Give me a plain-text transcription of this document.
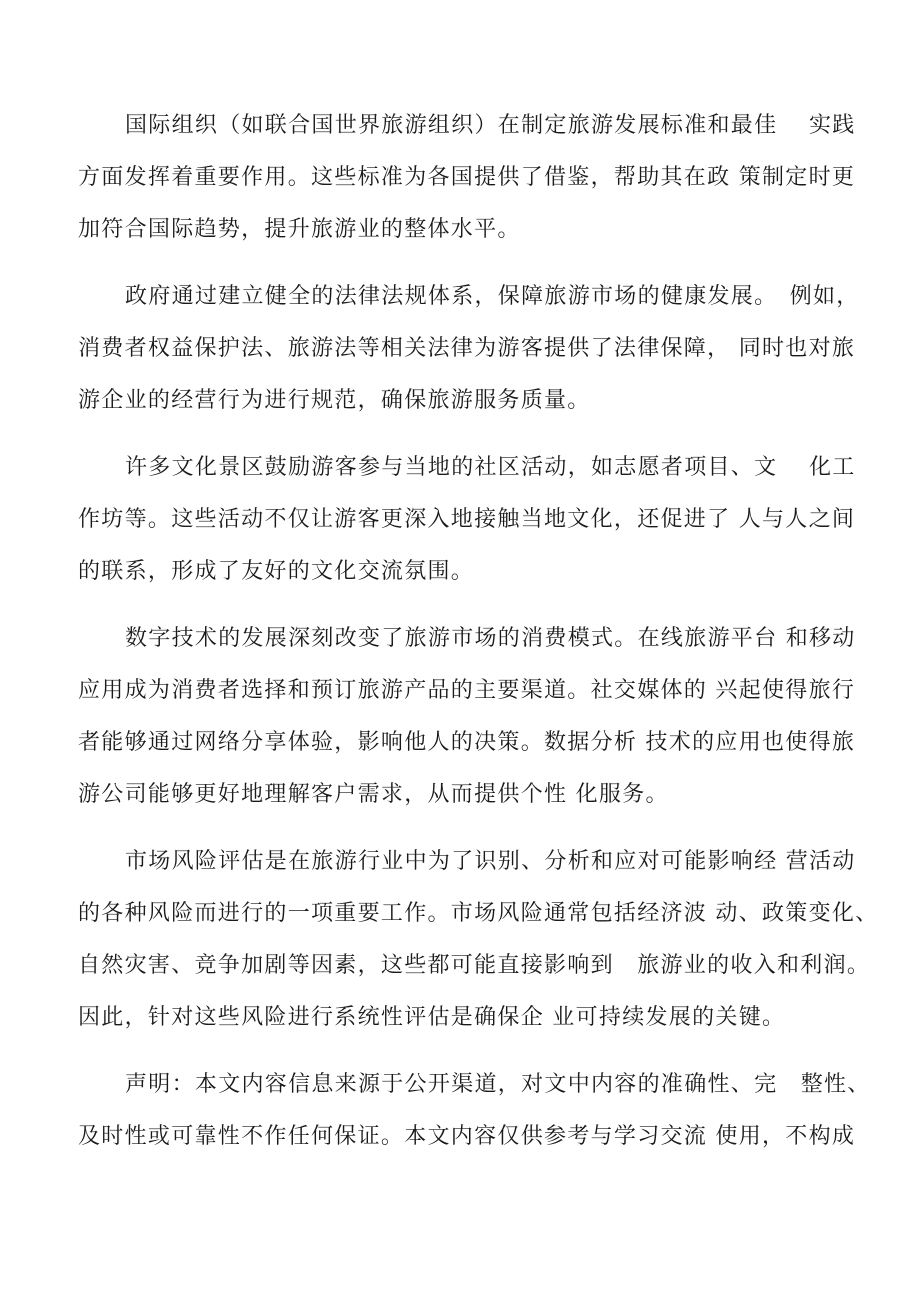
国际组织（如联合国世界旅游组织）在制定旅游发展标准和最佳　 实践
方面发挥着重要作用。这些标准为各国提供了借鉴，帮助其在政 策制定时更
加符合国际趋势，提升旅游业的整体水平。
政府通过建立健全的法律法规体系，保障旅游市场的健康发展。　例如，
消费者权益保护法、旅游法等相关法律为游客提供了法律保障， 同时也对旅
游企业的经营行为进行规范，确保旅游服务质量。
许多文化景区鼓励游客参与当地的社区活动，如志愿者项目、文　 化工
作坊等。这些活动不仅让游客更深入地接触当地文化，还促进了 人与人之间
的联系，形成了友好的文化交流氛围。
数字技术的发展深刻改变了旅游市场的消费模式。在线旅游平台 和移动
应用成为消费者选择和预订旅游产品的主要渠道。社交媒体的 兴起使得旅行
者能够通过网络分享体验，影响他人的决策。数据分析 技术的应用也使得旅
游公司能够更好地理解客户需求，从而提供个性 化服务。
市场风险评估是在旅游行业中为了识别、分析和应对可能影响经 营活动
的各种风险而进行的一项重要工作。市场风险通常包括经济波 动、政策变化、
自然灾害、竞争加剧等因素，这些都可能直接影响到　旅游业的收入和利润。
因此，针对这些风险进行系统性评估是确保企 业可持续发展的关键。
声明：本文内容信息来源于公开渠道，对文中内容的准确性、完　整性、
及时性或可靠性不作任何保证。本文内容仅供参考与学习交流 使用，不构成
